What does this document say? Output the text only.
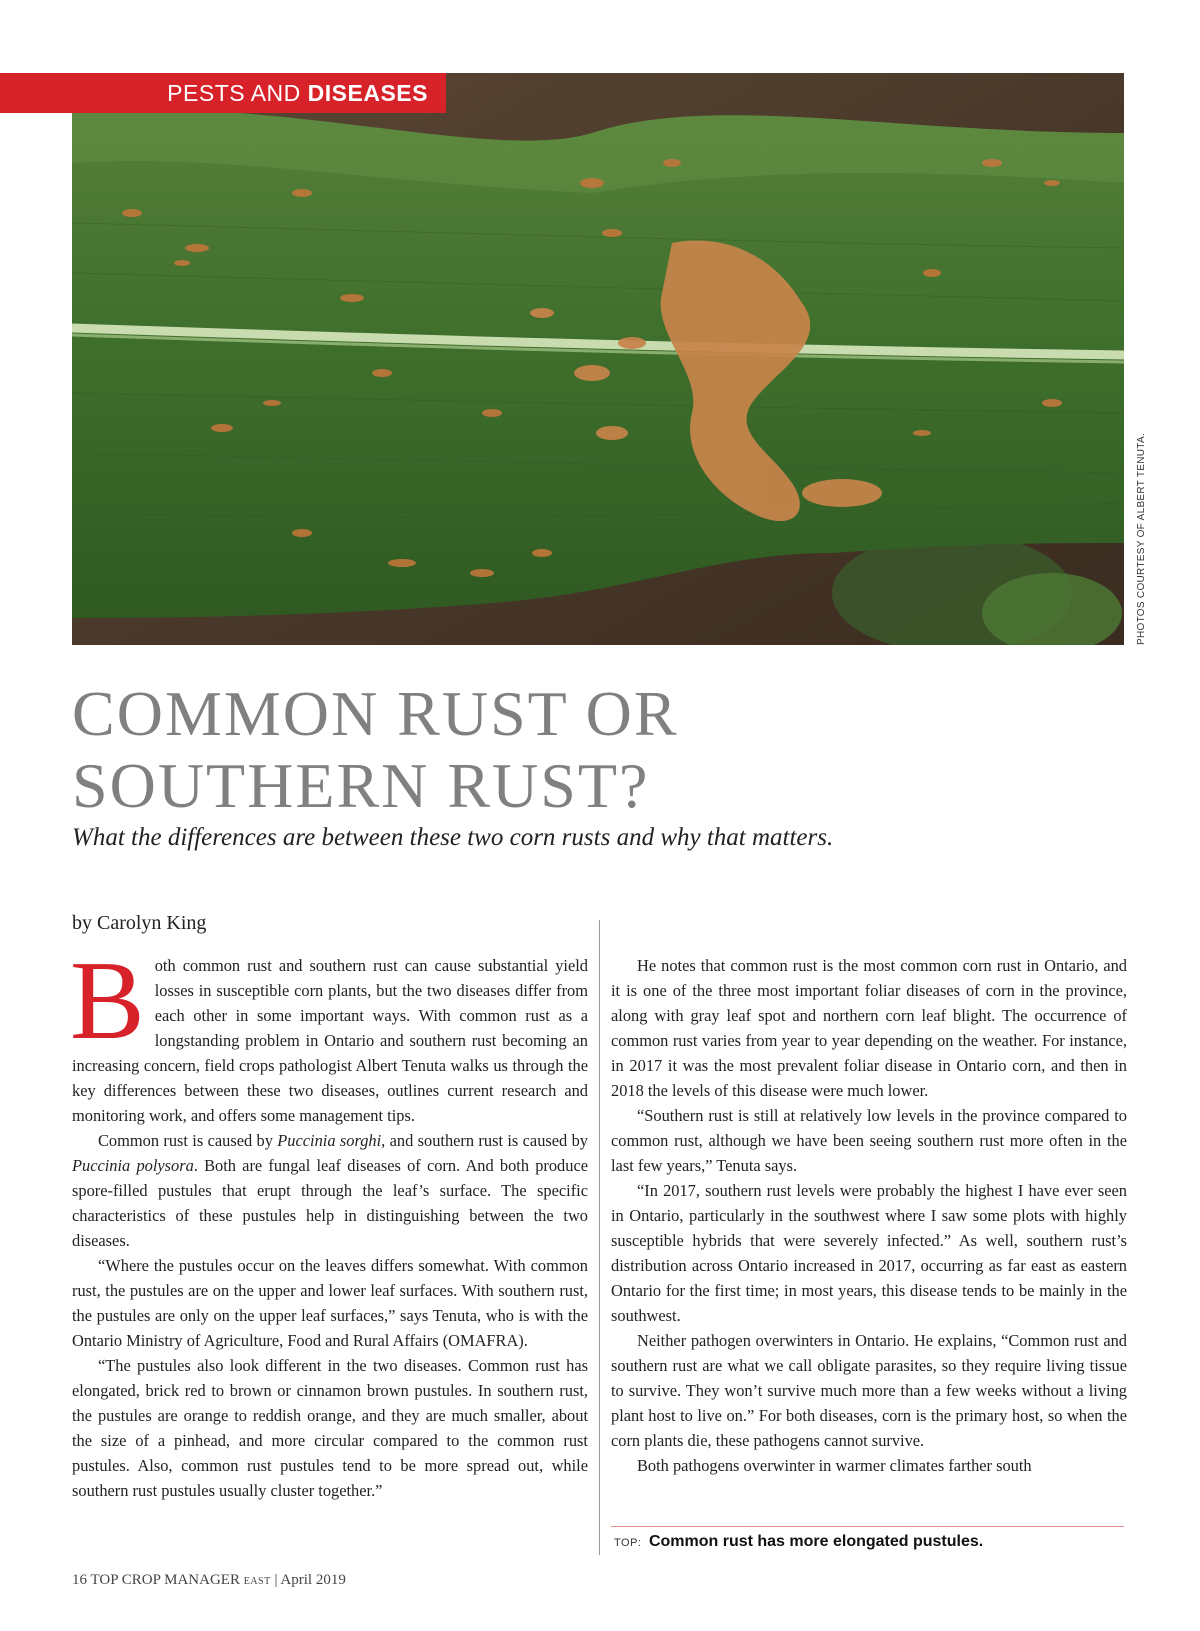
PESTS AND DISEASES
PHOTOS COURTESY OF ALBERT TENUTA.
COMMON RUST OR
SOUTHERN RUST?

What the differences are between these two corn rusts and why that matters.

by Carolyn King

Both common rust and southern rust can cause substantial yield losses in susceptible corn plants, but the two diseases differ from each other in some important ways. With common rust as a longstanding problem in Ontario and southern rust becoming an increasing concern, field crops pathologist Albert Tenuta walks us through the key differences between these two diseases, outlines current research and monitoring work, and offers some management tips.

Common rust is caused by Puccinia sorghi, and southern rust is caused by Puccinia polysora. Both are fungal leaf diseases of corn. And both produce spore-filled pustules that erupt through the leaf’s surface. The specific characteristics of these pustules help in distinguishing between the two diseases.

“Where the pustules occur on the leaves differs somewhat. With common rust, the pustules are on the upper and lower leaf surfaces. With southern rust, the pustules are only on the upper leaf surfaces,” says Tenuta, who is with the Ontario Ministry of Agriculture, Food and Rural Affairs (OMAFRA).

“The pustules also look different in the two diseases. Common rust has elongated, brick red to brown or cinnamon brown pustules. In southern rust, the pustules are orange to reddish orange, and they are much smaller, about the size of a pinhead, and more circular compared to the common rust pustules. Also, common rust pustules tend to be more spread out, while southern rust pustules usually cluster together.”

He notes that common rust is the most common corn rust in Ontario, and it is one of the three most important foliar diseases of corn in the province, along with gray leaf spot and northern corn leaf blight. The occurrence of common rust varies from year to year depending on the weather. For instance, in 2017 it was the most prevalent foliar disease in Ontario corn, and then in 2018 the levels of this disease were much lower.

“Southern rust is still at relatively low levels in the province compared to common rust, although we have been seeing southern rust more often in the last few years,” Tenuta says.

“In 2017, southern rust levels were probably the highest I have ever seen in Ontario, particularly in the southwest where I saw some plots with highly susceptible hybrids that were severely infected.” As well, southern rust’s distribution across Ontario increased in 2017, occurring as far east as eastern Ontario for the first time; in most years, this disease tends to be mainly in the southwest.

Neither pathogen overwinters in Ontario. He explains, “Common rust and southern rust are what we call obligate parasites, so they require living tissue to survive. They won’t survive much more than a few weeks without a living plant host to live on.” For both diseases, corn is the primary host, so when the corn plants die, these pathogens cannot survive.

Both pathogens overwinter in warmer climates farther south

TOP: Common rust has more elongated pustules.
16 TOP CROP MANAGER EAST | April 2019
